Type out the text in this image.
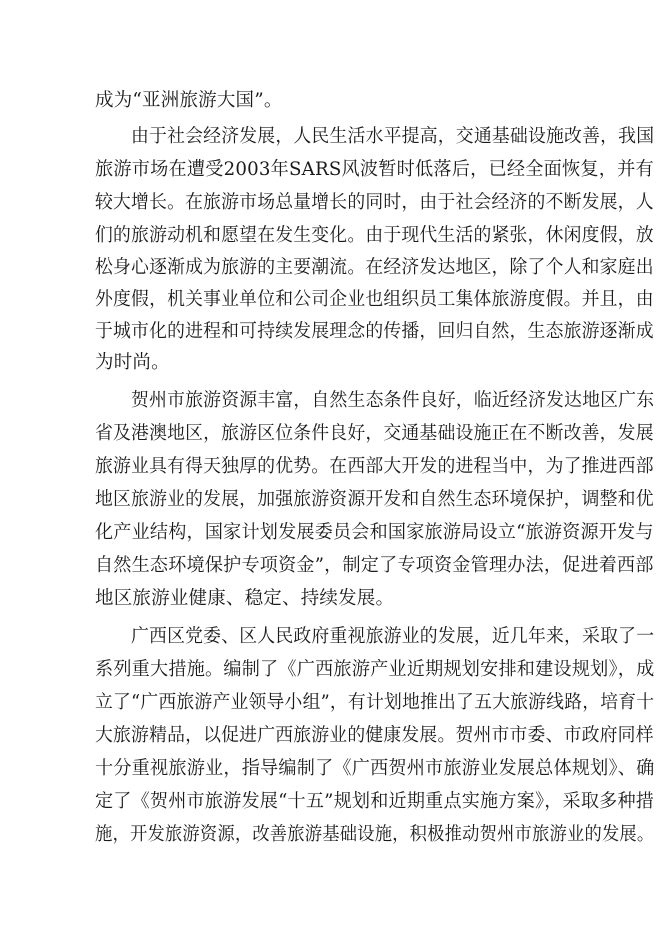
成为“亚洲旅游大国”。
由于社会经济发展，人民生活水平提高，交通基础设施改善，我国
旅游市场在遭受2003年SARS风波暂时低落后，已经全面恢复，并有
较大增长。在旅游市场总量增长的同时，由于社会经济的不断发展，人
们的旅游动机和愿望在发生变化。由于现代生活的紧张，休闲度假，放
松身心逐渐成为旅游的主要潮流。在经济发达地区，除了个人和家庭出
外度假，机关事业单位和公司企业也组织员工集体旅游度假。并且，由
于城市化的进程和可持续发展理念的传播，回归自然，生态旅游逐渐成
为时尚。
贺州市旅游资源丰富，自然生态条件良好，临近经济发达地区广东
省及港澳地区，旅游区位条件良好，交通基础设施正在不断改善，发展
旅游业具有得天独厚的优势。在西部大开发的进程当中，为了推进西部
地区旅游业的发展，加强旅游资源开发和自然生态环境保护，调整和优
化产业结构，国家计划发展委员会和国家旅游局设立“旅游资源开发与
自然生态环境保护专项资金”，制定了专项资金管理办法，促进着西部
地区旅游业健康、稳定、持续发展。
广西区党委、区人民政府重视旅游业的发展，近几年来，采取了一
系列重大措施。编制了《广西旅游产业近期规划安排和建设规划》，成
立了“广西旅游产业领导小组”，有计划地推出了五大旅游线路，培育十
大旅游精品，以促进广西旅游业的健康发展。贺州市市委、市政府同样
十分重视旅游业，指导编制了《广西贺州市旅游业发展总体规划》、确
定了《贺州市旅游发展“十五”规划和近期重点实施方案》，采取多种措
施，开发旅游资源，改善旅游基础设施，积极推动贺州市旅游业的发展。
